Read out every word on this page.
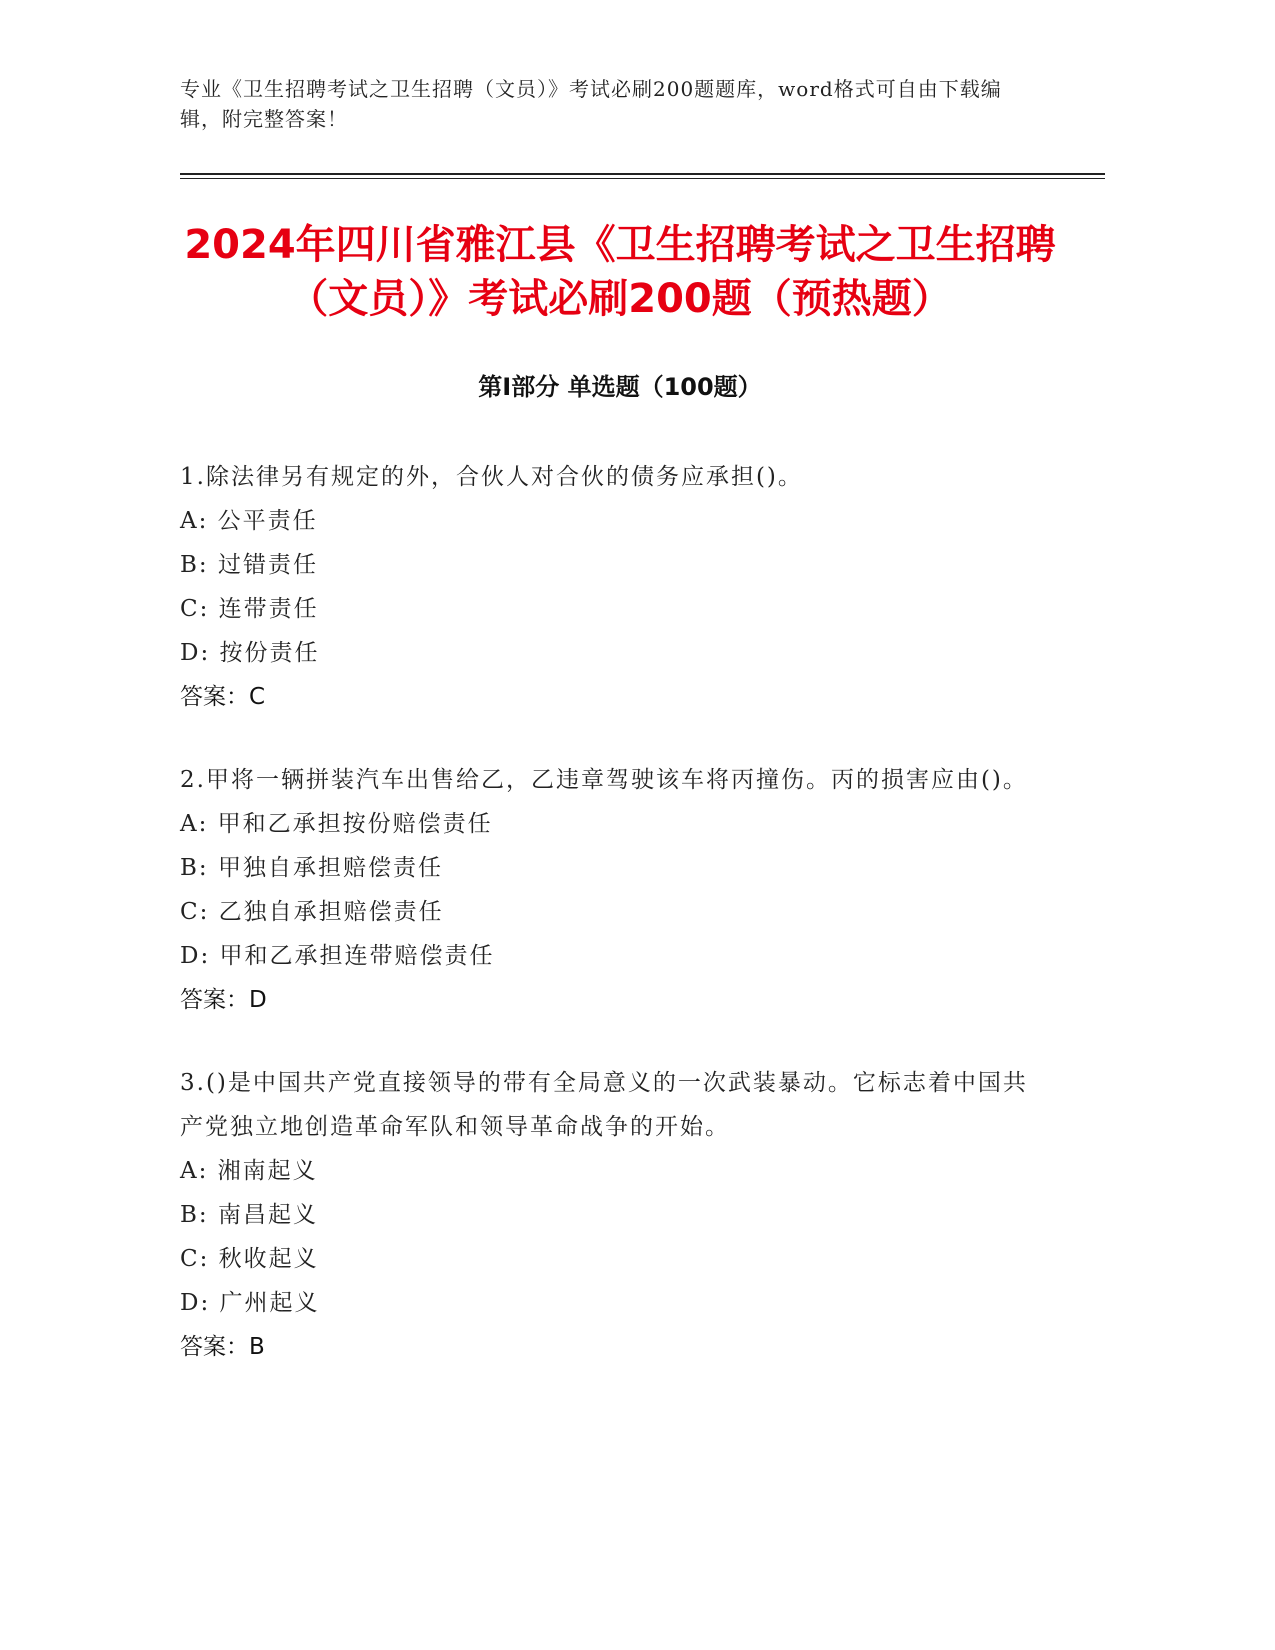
专业《卫生招聘考试之卫生招聘（文员）》考试必刷200题题库，word格式可自由下载编辑，附完整答案！
2024年四川省雅江县《卫生招聘考试之卫生招聘（文员）》考试必刷200题（预热题）
第Ⅰ部分 单选题（100题）
1.除法律另有规定的外，合伙人对合伙的债务应承担()。
A: 公平责任
B: 过错责任
C: 连带责任
D: 按份责任
答案：C
2.甲将一辆拼装汽车出售给乙，乙违章驾驶该车将丙撞伤。丙的损害应由()。
A: 甲和乙承担按份赔偿责任
B: 甲独自承担赔偿责任
C: 乙独自承担赔偿责任
D: 甲和乙承担连带赔偿责任
答案：D
3.()是中国共产党直接领导的带有全局意义的一次武装暴动。它标志着中国共产党独立地创造革命军队和领导革命战争的开始。
A: 湘南起义
B: 南昌起义
C: 秋收起义
D: 广州起义
答案：B
